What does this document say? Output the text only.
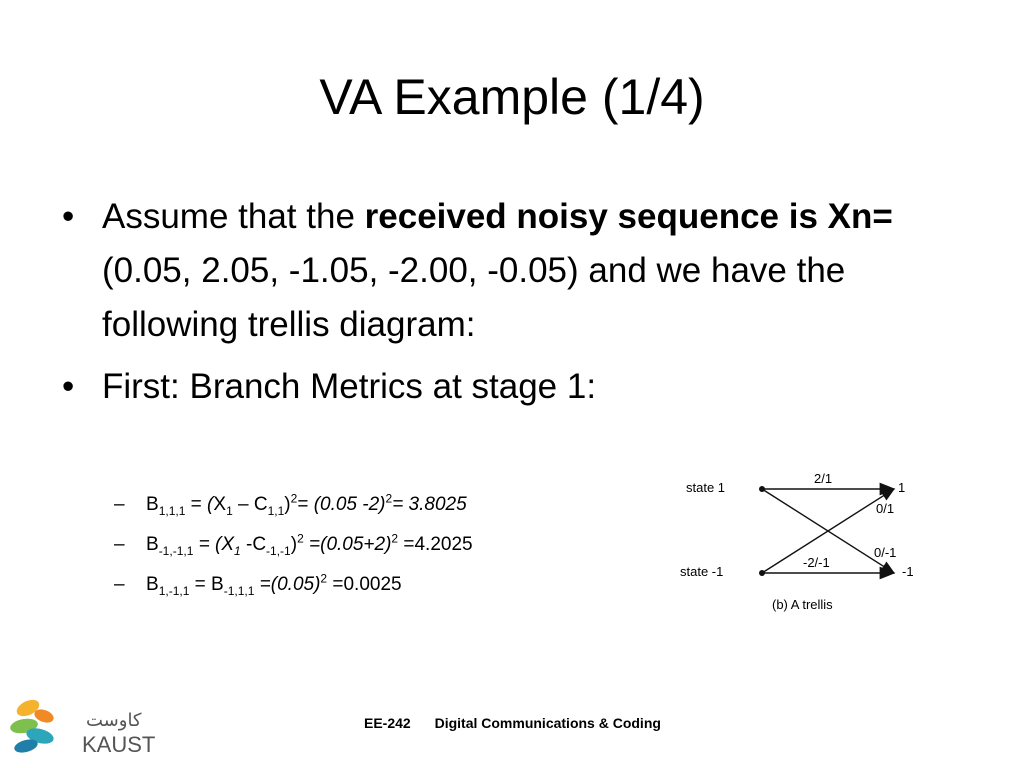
VA Example (1/4)
• Assume that the received noisy sequence is Xn= (0.05, 2.05, -1.05, -2.00, -0.05) and we have the following trellis diagram:
• First: Branch Metrics at stage 1:
– $B_{1,1,1} = (X_1 - C_{1,1})^2= (0.05$ -2)$^2$= 3.8025
– $B_{-1,-1,1} = (X_1$ $-C_{-1,-1})^2 =(0.05+2)^2 =4.2025$
– $B_{1,-1,1} = B_{-1,1,1} =(0.05)^2 =0.0025$
state 1
state -1
2/1
-2/-1
0/1
0/-1
1
-1
(b) A trellis
EE-242 Digital Communications & Coding
كاوست
KAUST
